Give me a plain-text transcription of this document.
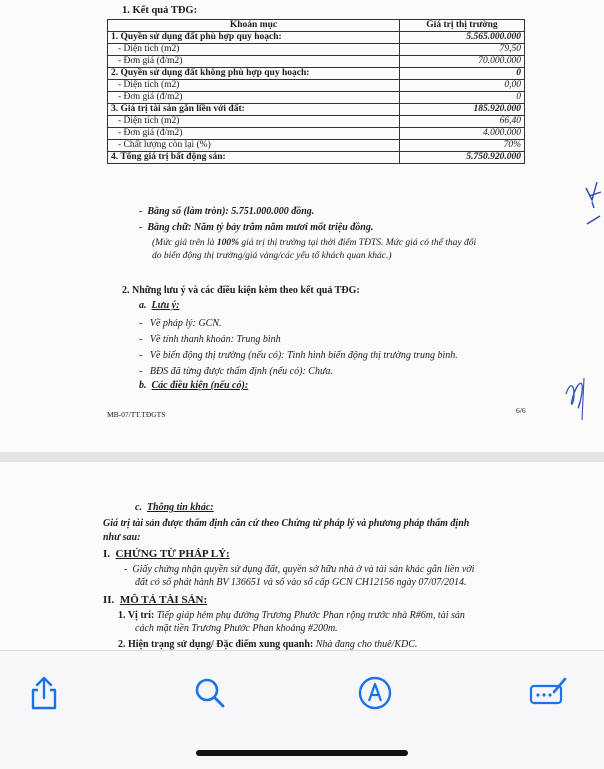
1. Kết quả TĐG:
Khoản mục	Giá trị thị trường
1. Quyền sử dụng đất phù hợp quy hoạch:	5.565.000.000
- Diện tích (m2)	79,50
- Đơn giá (đ/m2)	70.000.000
2. Quyền sử dụng đất không phù hợp quy hoạch:	0
- Diện tích (m2)	0,00
- Đơn giá (đ/m2)	0
3. Giá trị tài sản gắn liền với đất:	185.920.000
- Diện tích (m2)	66,40
- Đơn giá (đ/m2)	4.000.000
- Chất lượng còn lại (%)	70%
4. Tổng giá trị bất động sản:	5.750.920.000
-  Bằng số (làm tròn): 5.751.000.000 đồng.
-  Bằng chữ: Năm tỷ bảy trăm năm mươi mốt triệu đồng.
(Mức giá trên là 100% giá trị thị trường tại thời điểm TĐTS. Mức giá có thể thay đổi
do biến động thị trường/giá vàng/các yếu tố khách quan khác.)
2. Những lưu ý và các điều kiện kèm theo kết quả TĐG:
a. Lưu ý:
-   Về pháp lý: GCN.
-   Về tính thanh khoản: Trung bình
-   Về biến động thị trường (nếu có): Tình hình biến động thị trường trung bình.
-   BĐS đã từng được thẩm định (nếu có): Chưa.
b. Các điều kiện (nếu có):
MB-07/TT.TĐGTS	6/6
c. Thông tin khác:
Giá trị tài sản được thẩm định căn cứ theo Chứng từ pháp lý và phương pháp thẩm định
như sau:
I. CHỨNG TỪ PHÁP LÝ:
-  Giấy chứng nhận quyền sử dụng đất, quyền sở hữu nhà ở và tài sản khác gắn liền với
đất có số phát hành BV 136651 và số vào sổ cấp GCN CH12156 ngày 07/07/2014.
II. MÔ TẢ TÀI SẢN:
1. Vị trí: Tiếp giáp hẻm phụ đường Trương Phước Phan rộng trước nhà R#6m, tài sản
cách mặt tiền Trương Phước Phan khoảng #200m.
2. Hiện trạng sử dụng/ Đặc điểm xung quanh: Nhà đang cho thuê/KDC.
